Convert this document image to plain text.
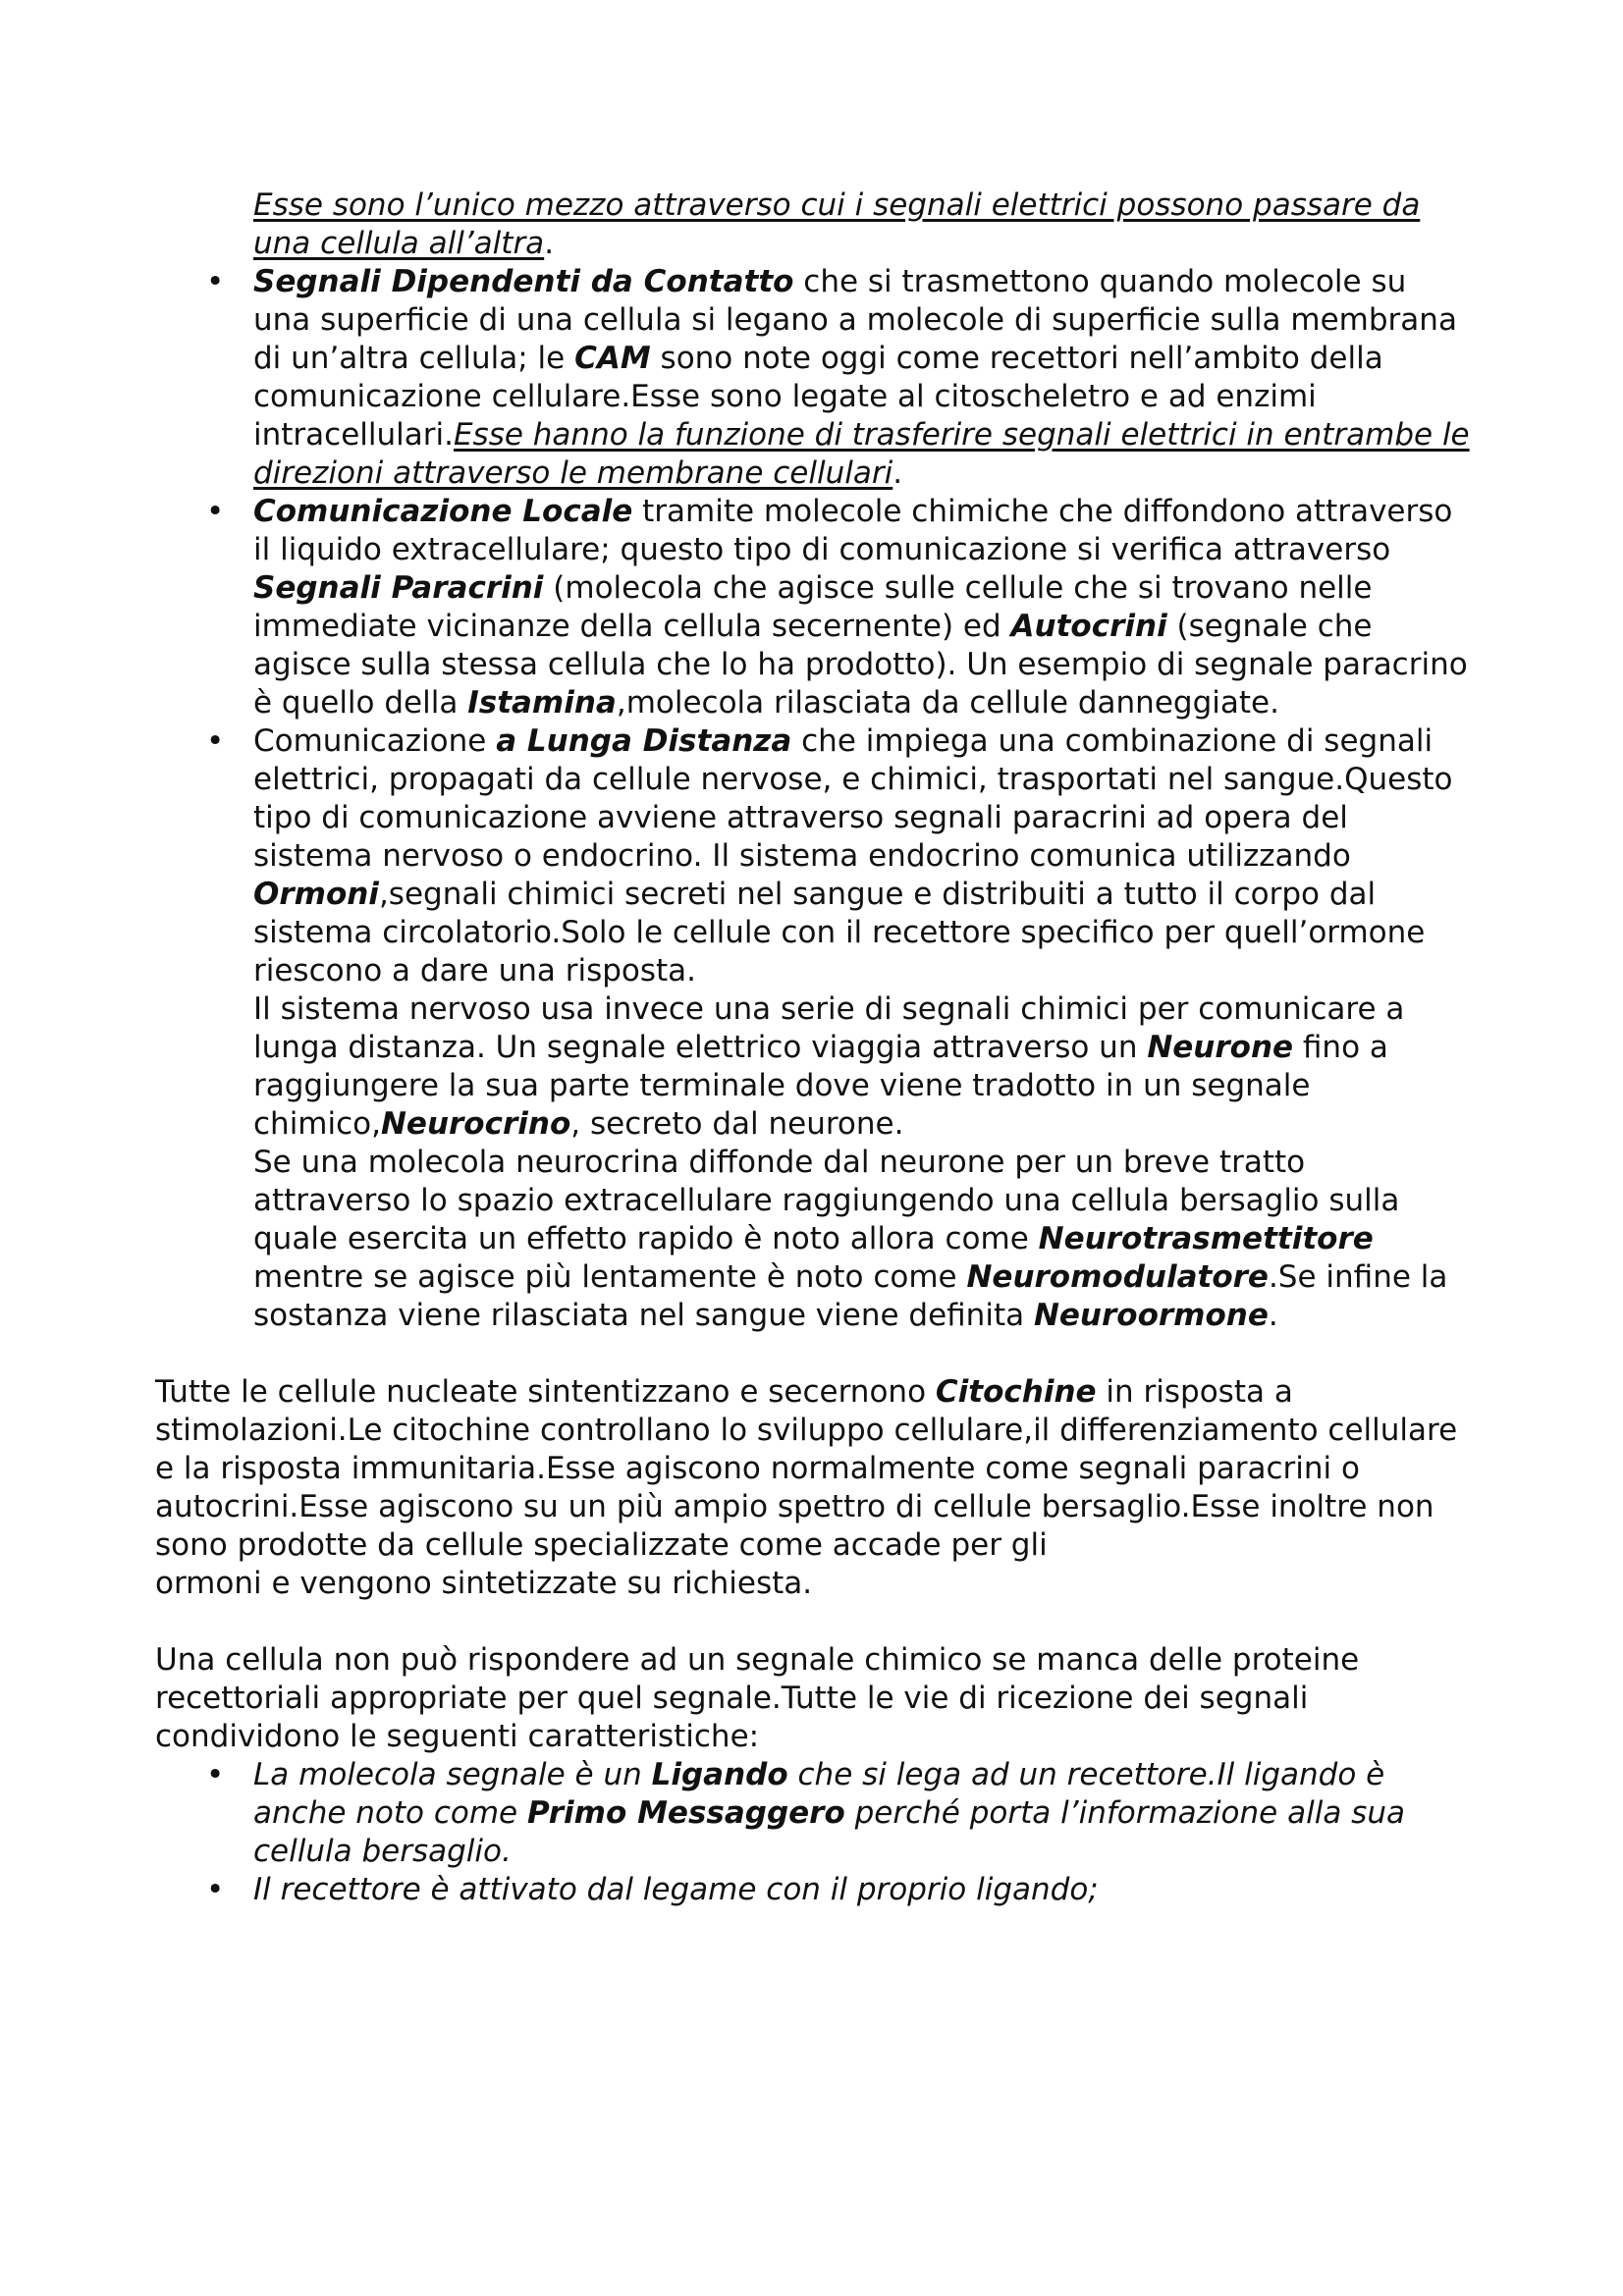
Esse sono l’unico mezzo attraverso cui i segnali elettrici possono passare da una cellula all’altra.

• Segnali Dipendenti da Contatto che si trasmettono quando molecole su una superficie di una cellula si legano a molecole di superficie sulla membrana di un’altra cellula; le CAM sono note oggi come recettori nell’ambito della comunicazione cellulare.Esse sono legate al citoscheletro e ad enzimi intracellulari.Esse hanno la funzione di trasferire segnali elettrici in entrambe le direzioni attraverso le membrane cellulari.
• Comunicazione Locale tramite molecole chimiche che diffondono attraverso il liquido extracellulare; questo tipo di comunicazione si verifica attraverso Segnali Paracrini (molecola che agisce sulle cellule che si trovano nelle immediate vicinanze della cellula secernente) ed Autocrini (segnale che agisce sulla stessa cellula che lo ha prodotto). Un esempio di segnale paracrino è quello della Istamina,molecola rilasciata da cellule danneggiate.
• Comunicazione a Lunga Distanza che impiega una combinazione di segnali elettrici, propagati da cellule nervose, e chimici, trasportati nel sangue.Questo tipo di comunicazione avviene attraverso segnali paracrini ad opera del sistema nervoso o endocrino. Il sistema endocrino comunica utilizzando Ormoni,segnali chimici secreti nel sangue e distribuiti a tutto il corpo dal sistema circolatorio.Solo le cellule con il recettore specifico per quell’ormone riescono a dare una risposta.

Il sistema nervoso usa invece una serie di segnali chimici per comunicare a lunga distanza. Un segnale elettrico viaggia attraverso un Neurone fino a raggiungere la sua parte terminale dove viene tradotto in un segnale chimico,Neurocrino, secreto dal neurone.

Se una molecola neurocrina diffonde dal neurone per un breve tratto attraverso lo spazio extracellulare raggiungendo una cellula bersaglio sulla quale esercita un effetto rapido è noto allora come Neurotrasmettitore mentre se agisce più lentamente è noto come Neuromodulatore.Se infine la sostanza viene rilasciata nel sangue viene definita Neuroormone.

Tutte le cellule nucleate sintentizzano e secernono Citochine in risposta a stimolazioni.Le citochine controllano lo sviluppo cellulare,il differenziamento cellulare e la risposta immunitaria.Esse agiscono normalmente come segnali paracrini o autocrini.Esse agiscono su un più ampio spettro di cellule bersaglio.Esse inoltre non sono prodotte da cellule specializzate come accade per gli

ormoni e vengono sintetizzate su richiesta.

Una cellula non può rispondere ad un segnale chimico se manca delle proteine recettoriali appropriate per quel segnale.Tutte le vie di ricezione dei segnali condividono le seguenti caratteristiche:

• La molecola segnale è un Ligando che si lega ad un recettore.Il ligando è anche noto come Primo Messaggero perché porta l’informazione alla sua cellula bersaglio.
• Il recettore è attivato dal legame con il proprio ligando;
